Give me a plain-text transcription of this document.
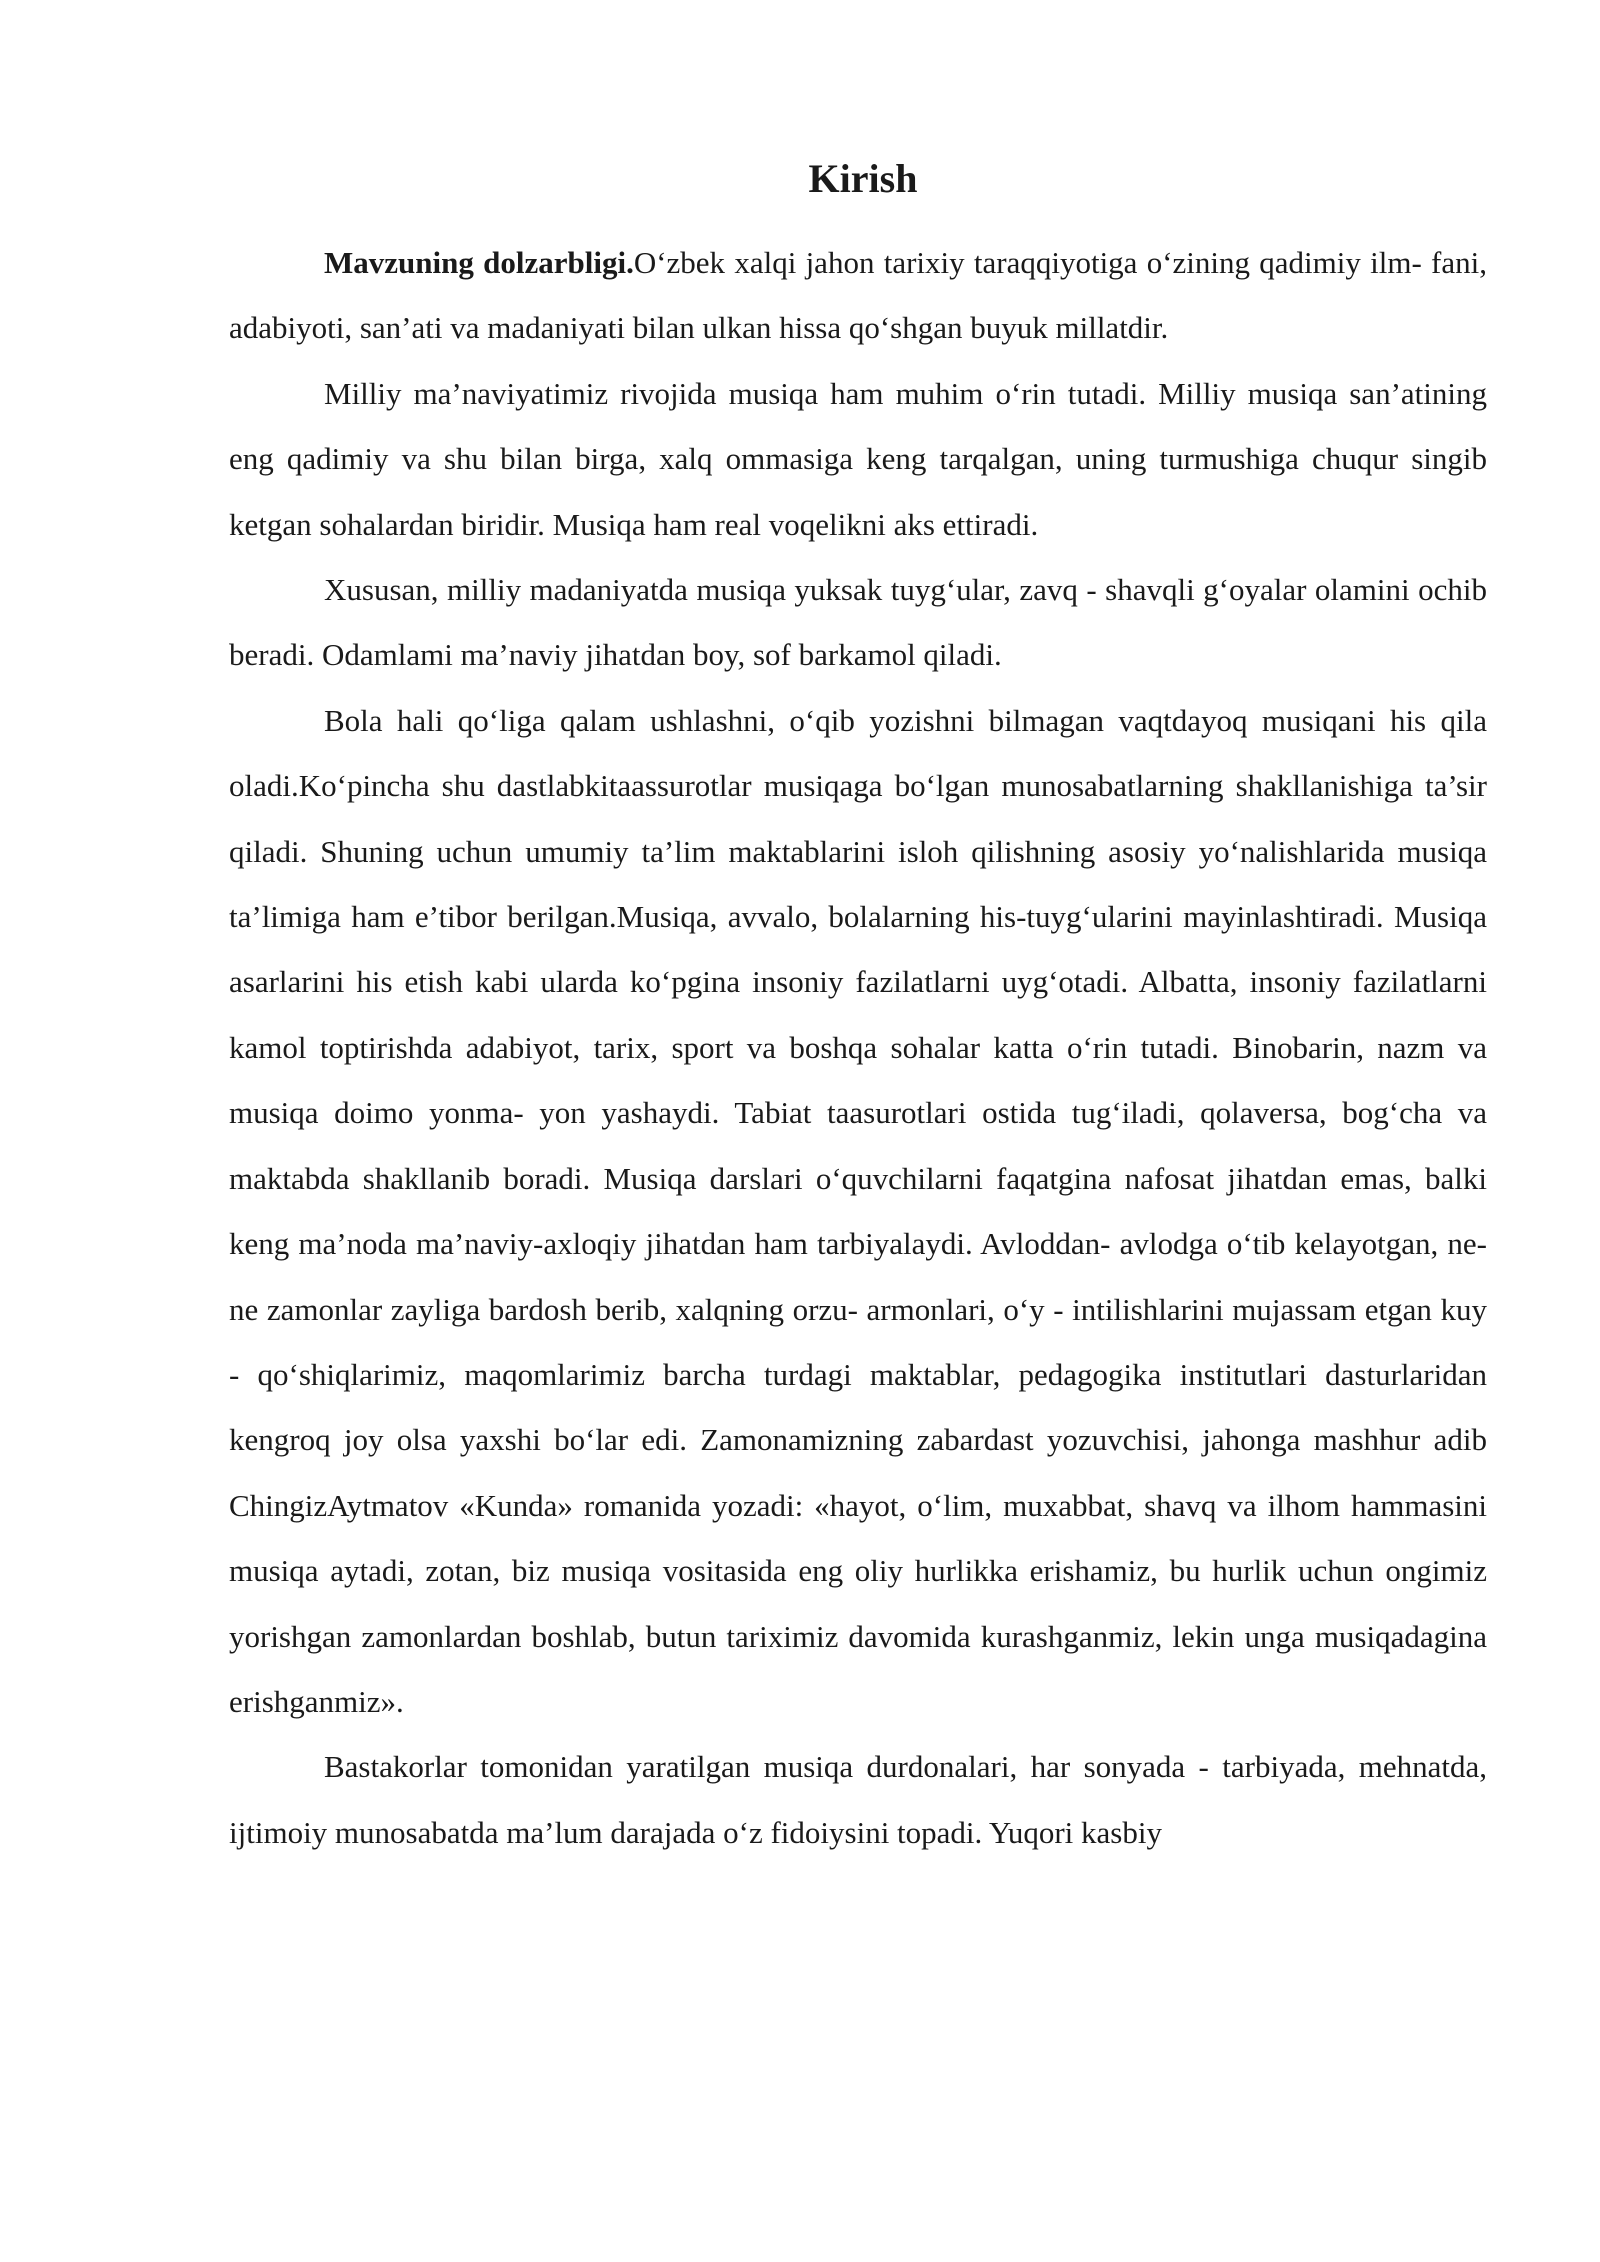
Kirish

Mavzuning dolzarbligi.O‘zbek xalqi jahon tarixiy taraqqiyotiga o‘zining qadimiy ilm- fani, adabiyoti, san’ati va madaniyati bilan ulkan hissa qo‘shgan buyuk millatdir.

Milliy ma’naviyatimiz rivojida musiqa ham muhim o‘rin tutadi. Milliy musiqa san’atining eng qadimiy va shu bilan birga, xalq ommasiga keng tarqalgan, uning turmushiga chuqur singib ketgan sohalardan biridir. Musiqa ham real voqelikni aks ettiradi.

Xususan, milliy madaniyatda musiqa yuksak tuyg‘ular, zavq - shavqli g‘oyalar olamini ochib beradi. Odamlami ma’naviy jihatdan boy, sof barkamol qiladi.

Bola hali qo‘liga qalam ushlashni, o‘qib yozishni bilmagan vaqtdayoq musiqani his qila oladi.Ko‘pincha shu dastlabkitaassurotlar musiqaga bo‘lgan munosabatlarning shakllanishiga ta’sir qiladi. Shuning uchun umumiy ta’lim maktablarini isloh qilishning asosiy yo‘nalishlarida musiqa ta’limiga ham e’tibor berilgan.Musiqa, avvalo, bolalarning his-tuyg‘ularini mayinlashtiradi. Musiqa asarlarini his etish kabi ularda ko‘pgina insoniy fazilatlarni uyg‘otadi. Albatta, insoniy fazilatlarni kamol toptirishda adabiyot, tarix, sport va boshqa sohalar katta o‘rin tutadi. Binobarin, nazm va musiqa doimo yonma- yon yashaydi. Tabiat taasurotlari ostida tug‘iladi, qolaversa, bog‘cha va maktabda shakllanib boradi. Musiqa darslari o‘quvchilarni faqatgina nafosat jihatdan emas, balki keng ma’noda ma’naviy-axloqiy jihatdan ham tarbiyalaydi. Avloddan- avlodga o‘tib kelayotgan, ne-ne zamonlar zayliga bardosh berib, xalqning orzu- armonlari, o‘y - intilishlarini mujassam etgan kuy - qo‘shiqlarimiz, maqomlarimiz barcha turdagi maktablar, pedagogika institutlari dasturlaridan kengroq joy olsa yaxshi bo‘lar edi. Zamonamizning zabardast yozuvchisi, jahonga mashhur adib ChingizAytmatov «Kunda» romanida yozadi: «hayot, o‘lim, muxabbat, shavq va ilhom hammasini musiqa aytadi, zotan, biz musiqa vositasida eng oliy hurlikka erishamiz, bu hurlik uchun ongimiz yorishgan zamonlardan boshlab, butun tariximiz davomida kurashganmiz, lekin unga musiqadagina erishganmiz».

Bastakorlar tomonidan yaratilgan musiqa durdonalari, har sonyada - tarbiyada, mehnatda, ijtimoiy munosabatda ma’lum darajada o‘z fidoiysini topadi. Yuqori kasbiy
